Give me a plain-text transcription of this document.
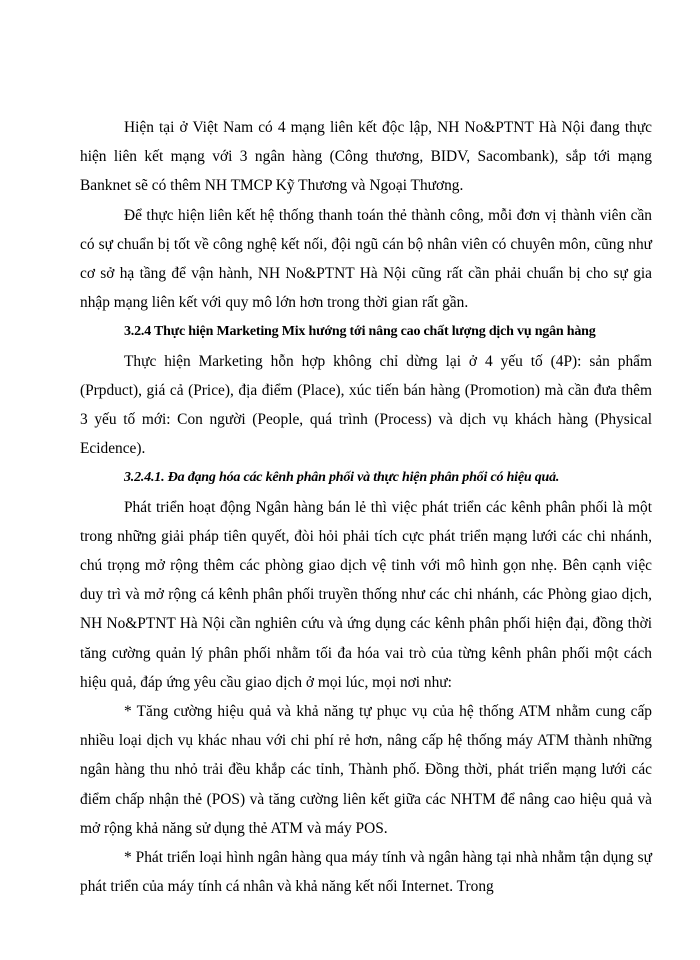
Hiện tại ở Việt Nam có 4 mạng liên kết độc lập, NH No&PTNT Hà Nội đang thực hiện liên kết mạng với 3 ngân hàng (Công thương, BIDV, Sacombank), sắp tới mạng Banknet sẽ có thêm NH TMCP Kỹ Thương và Ngoại Thương.

Để thực hiện liên kết hệ thống thanh toán thẻ thành công, mỗi đơn vị thành viên cần có sự chuẩn bị tốt về công nghệ kết nối, đội ngũ cán bộ nhân viên có chuyên môn, cũng như cơ sở hạ tầng để vận hành, NH No&PTNT Hà Nội cũng rất cần phải chuẩn bị cho sự gia nhập mạng liên kết với quy mô lớn hơn trong thời gian rất gần.

3.2.4 Thực hiện Marketing Mix hướng tới nâng cao chất lượng dịch vụ ngân hàng

Thực hiện Marketing hỗn hợp không chỉ dừng lại ở 4 yếu tố (4P): sản phẩm (Prpduct), giá cả (Price), địa điểm (Place), xúc tiến bán hàng (Promotion) mà cần đưa thêm 3 yếu tố mới: Con người (People, quá trình (Process) và dịch vụ khách hàng (Physical Ecidence).

3.2.4.1. Đa đạng hóa các kênh phân phối và thực hiện phân phối có hiệu quả.

Phát triển hoạt động Ngân hàng bán lẻ thì việc phát triển các kênh phân phối là một trong những giải pháp tiên quyết, đòi hỏi phải tích cực phát triển mạng lưới các chi nhánh, chú trọng mở rộng thêm các phòng giao dịch vệ tinh với mô hình gọn nhẹ. Bên cạnh việc duy trì và mở rộng cá kênh phân phối truyền thống như các chi nhánh, các Phòng giao dịch, NH No&PTNT Hà Nội cần nghiên cứu và ứng dụng các kênh phân phối hiện đại, đồng thời tăng cường quản lý phân phối nhằm tối đa hóa vai trò của từng kênh phân phối một cách hiệu quả, đáp ứng yêu cầu giao dịch ở mọi lúc, mọi nơi như:

* Tăng cường hiệu quả và khả năng tự phục vụ của hệ thống ATM nhằm cung cấp nhiều loại dịch vụ khác nhau với chi phí rẻ hơn, nâng cấp hệ thống máy ATM thành những ngân hàng thu nhỏ trải đều khắp các tỉnh, Thành phố. Đồng thời, phát triển mạng lưới các điểm chấp nhận thẻ (POS) và tăng cường liên kết giữa các NHTM để nâng cao hiệu quả và mở rộng khả năng sử dụng thẻ ATM và máy POS.

* Phát triển loại hình ngân hàng qua máy tính và ngân hàng tại nhà nhằm tận dụng sự phát triển của máy tính cá nhân và khả năng kết nối Internet. Trong
